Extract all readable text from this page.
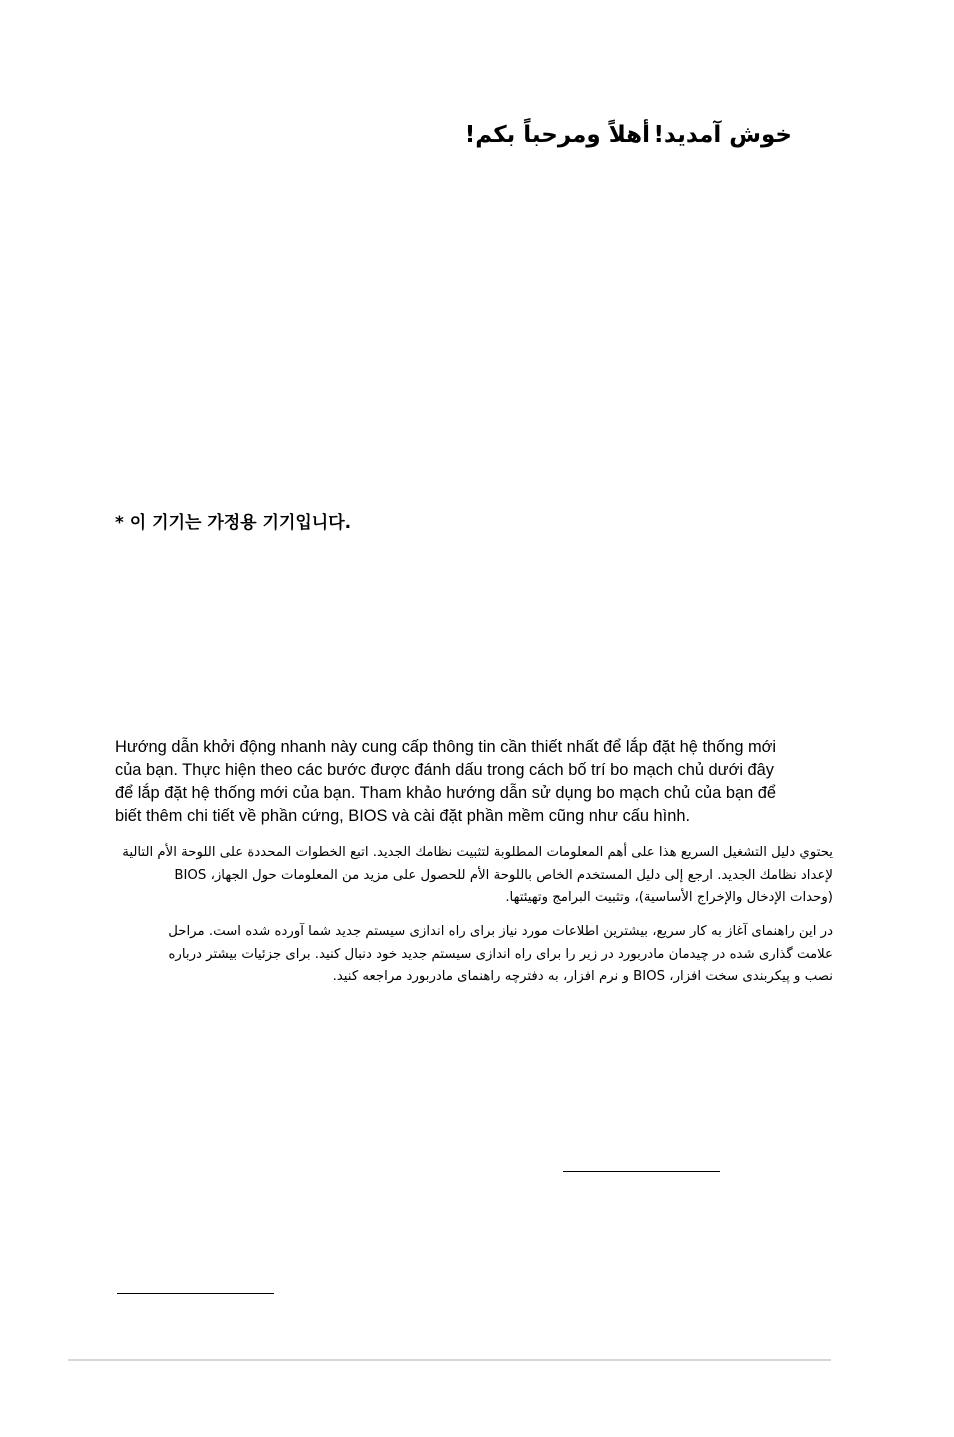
أهلاً ومرحباً بكم! خوش آمدید!
* 이 기기는 가정용 기기입니다.
Hướng dẫn khởi động nhanh này cung cấp thông tin cần thiết nhất để lắp đặt hệ thống mới
của bạn. Thực hiện theo các bước được đánh dấu trong cách bố trí bo mạch chủ dưới đây
để lắp đặt hệ thống mới của bạn. Tham khảo hướng dẫn sử dụng bo mạch chủ của bạn để
biết thêm chi tiết về phần cứng, BIOS và cài đặt phần mềm cũng như cấu hình.
يحتوي دليل التشغيل السريع هذا على أهم المعلومات المطلوبة لتثبيت نظامك الجديد. اتبع الخطوات المحددة على اللوحة الأم التالية
لإعداد نظامك الجديد. ارجع إلى دليل المستخدم الخاص باللوحة الأم للحصول على مزيد من المعلومات حول الجهاز، BIOS
(وحدات الإدخال والإخراج الأساسية)، وتثبيت البرامج وتهيئتها.
در این راهنمای آغاز به کار سریع، بیشترین اطلاعات مورد نیاز برای راه اندازی سیستم جدید شما آورده شده است. مراحل
علامت گذاری شده در چیدمان مادربورد در زیر را برای راه اندازی سیستم جدید خود دنبال کنید. برای جزئیات بیشتر درباره
نصب و پیکربندی سخت افزار، BIOS و نرم افزار، به دفترچه راهنمای مادربورد مراجعه کنید.
